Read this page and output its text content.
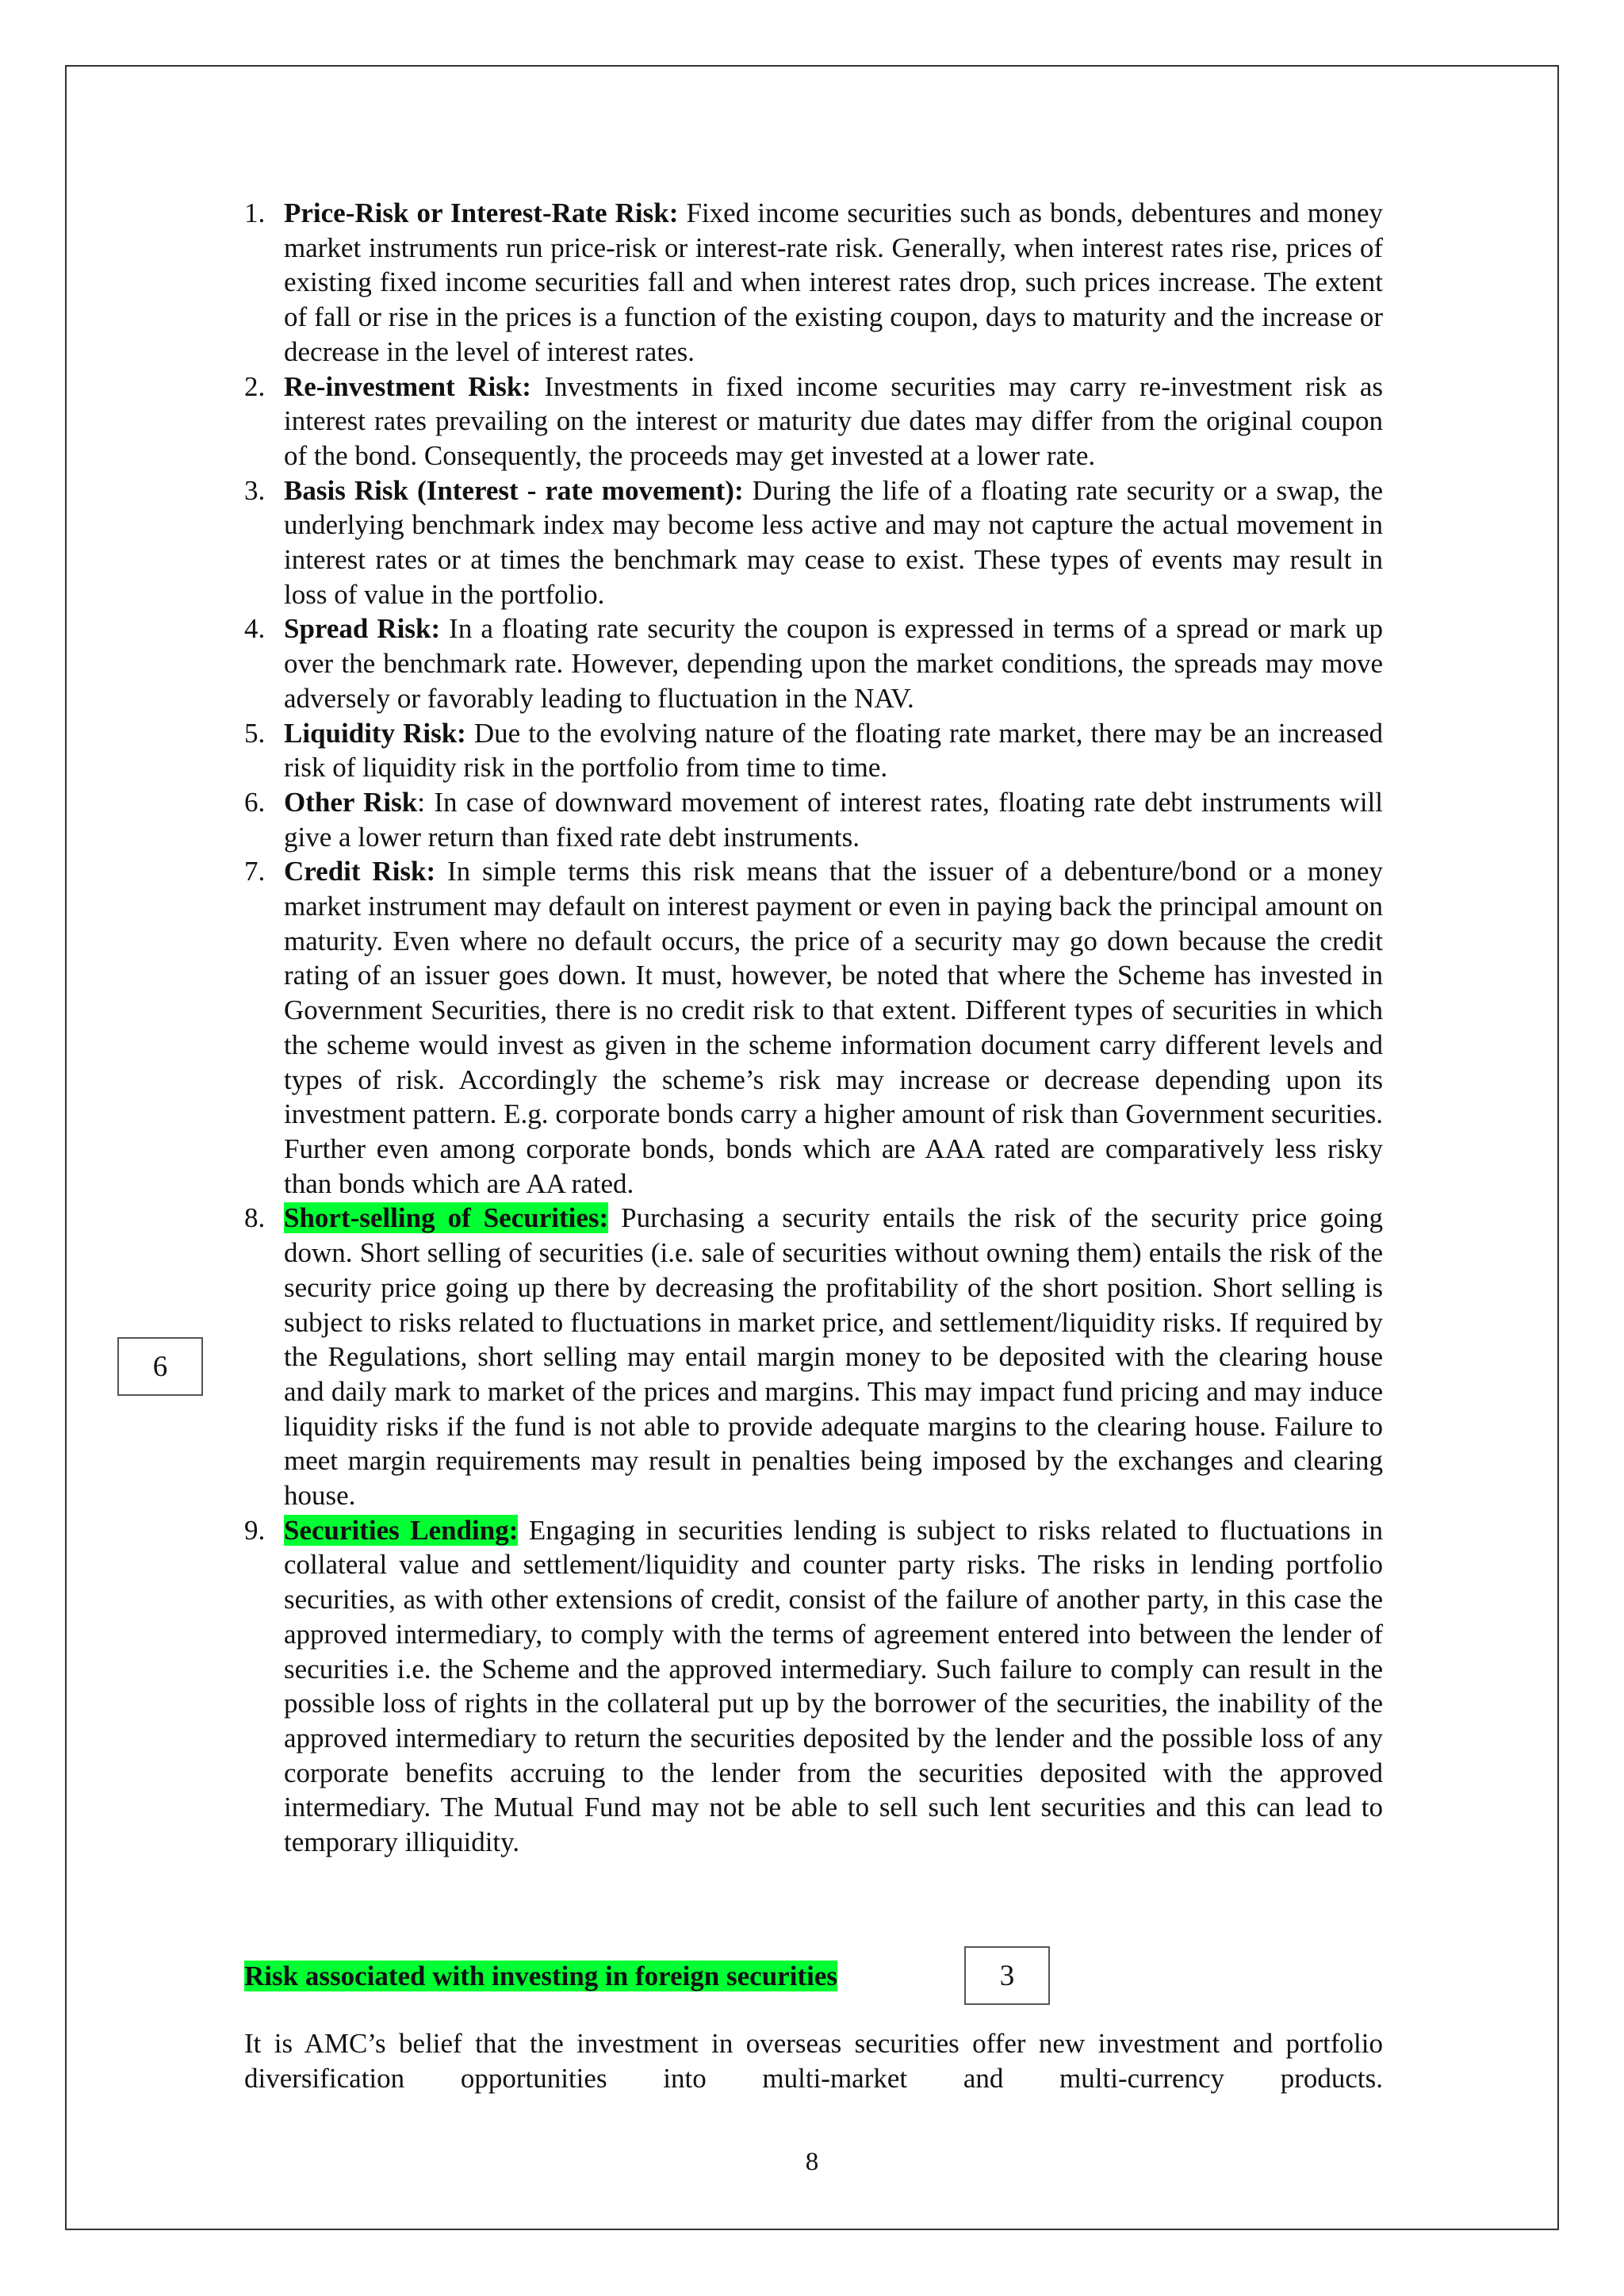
1. Price-Risk or Interest-Rate Risk: Fixed income securities such as bonds, debentures and money market instruments run price-risk or interest-rate risk. Generally, when interest rates rise, prices of existing fixed income securities fall and when interest rates drop, such prices increase. The extent of fall or rise in the prices is a function of the existing coupon, days to maturity and the increase or decrease in the level of interest rates.
2. Re-investment Risk: Investments in fixed income securities may carry re-investment risk as interest rates prevailing on the interest or maturity due dates may differ from the original coupon of the bond. Consequently, the proceeds may get invested at a lower rate.
3. Basis Risk (Interest - rate movement): During the life of a floating rate security or a swap, the underlying benchmark index may become less active and may not capture the actual movement in interest rates or at times the benchmark may cease to exist. These types of events may result in loss of value in the portfolio.
4. Spread Risk: In a floating rate security the coupon is expressed in terms of a spread or mark up over the benchmark rate. However, depending upon the market conditions, the spreads may move adversely or favorably leading to fluctuation in the NAV.
5. Liquidity Risk: Due to the evolving nature of the floating rate market, there may be an increased risk of liquidity risk in the portfolio from time to time.
6. Other Risk: In case of downward movement of interest rates, floating rate debt instruments will give a lower return than fixed rate debt instruments.
7. Credit Risk: In simple terms this risk means that the issuer of a debenture/bond or a money market instrument may default on interest payment or even in paying back the principal amount on maturity. Even where no default occurs, the price of a security may go down because the credit rating of an issuer goes down. It must, however, be noted that where the Scheme has invested in Government Securities, there is no credit risk to that extent. Different types of securities in which the scheme would invest as given in the scheme information document carry different levels and types of risk. Accordingly the scheme’s risk may increase or decrease depending upon its investment pattern. E.g. corporate bonds carry a higher amount of risk than Government securities. Further even among corporate bonds, bonds which are AAA rated are comparatively less risky than bonds which are AA rated.
8. Short-selling of Securities: Purchasing a security entails the risk of the security price going down. Short selling of securities (i.e. sale of securities without owning them) entails the risk of the security price going up there by decreasing the profitability of the short position. Short selling is subject to risks related to fluctuations in market price, and settlement/liquidity risks. If required by the Regulations, short selling may entail margin money to be deposited with the clearing house and daily mark to market of the prices and margins. This may impact fund pricing and may induce liquidity risks if the fund is not able to provide adequate margins to the clearing house. Failure to meet margin requirements may result in penalties being imposed by the exchanges and clearing house.
9. Securities Lending: Engaging in securities lending is subject to risks related to fluctuations in collateral value and settlement/liquidity and counter party risks. The risks in lending portfolio securities, as with other extensions of credit, consist of the failure of another party, in this case the approved intermediary, to comply with the terms of agreement entered into between the lender of securities i.e. the Scheme and the approved intermediary. Such failure to comply can result in the possible loss of rights in the collateral put up by the borrower of the securities, the inability of the approved intermediary to return the securities deposited by the lender and the possible loss of any corporate benefits accruing to the lender from the securities deposited with the approved intermediary. The Mutual Fund may not be able to sell such lent securities and this can lead to temporary illiquidity.
6
Risk associated with investing in foreign securities	3

It is AMC’s belief that the investment in overseas securities offer new investment and portfolio diversification opportunities into multi-market and multi-currency products.

8
